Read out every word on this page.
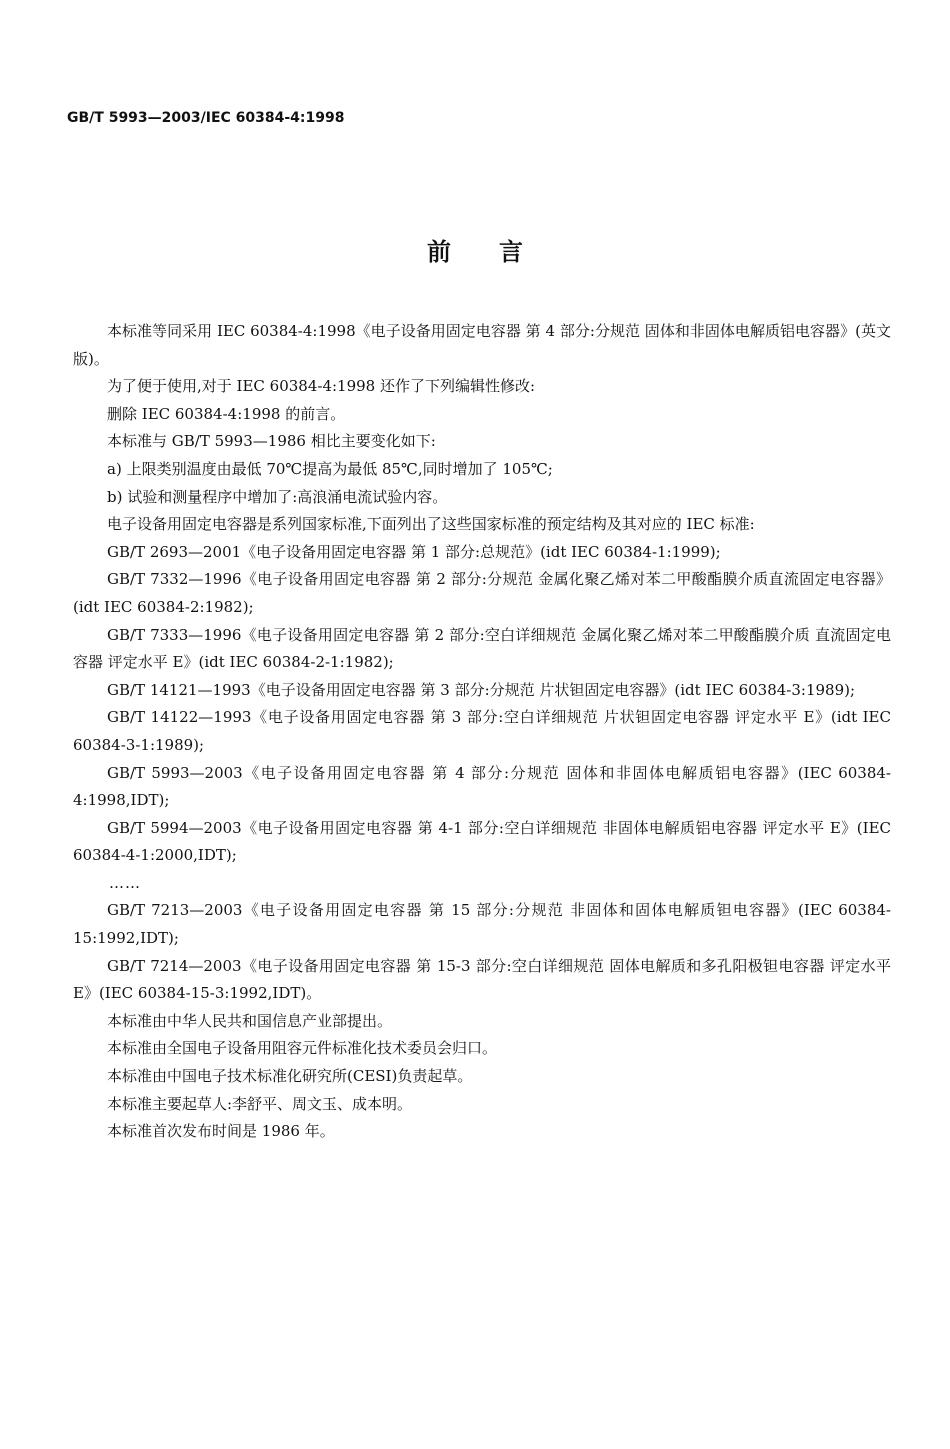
GB/T 5993—2003/IEC 60384-4:1998
前言

本标准等同采用 IEC 60384-4:1998《电子设备用固定电容器 第 4 部分:分规范 固体和非固体电解质铝电容器》(英文版)。

为了便于使用,对于 IEC 60384-4:1998 还作了下列编辑性修改:

删除 IEC 60384-4:1998 的前言。

本标准与 GB/T 5993—1986 相比主要变化如下:

a) 上限类别温度由最低 70℃提高为最低 85℃,同时增加了 105℃;

b) 试验和测量程序中增加了:高浪涌电流试验内容。

电子设备用固定电容器是系列国家标准,下面列出了这些国家标准的预定结构及其对应的 IEC 标准:

GB/T 2693—2001《电子设备用固定电容器 第 1 部分:总规范》(idt IEC 60384-1:1999);

GB/T 7332—1996《电子设备用固定电容器 第 2 部分:分规范 金属化聚乙烯对苯二甲酸酯膜介质直流固定电容器》(idt IEC 60384-2:1982);

GB/T 7333—1996《电子设备用固定电容器 第 2 部分:空白详细规范 金属化聚乙烯对苯二甲酸酯膜介质 直流固定电容器 评定水平 E》(idt IEC 60384-2-1:1982);

GB/T 14121—1993《电子设备用固定电容器 第 3 部分:分规范 片状钽固定电容器》(idt IEC 60384-3:1989);

GB/T 14122—1993《电子设备用固定电容器 第 3 部分:空白详细规范 片状钽固定电容器 评定水平 E》(idt IEC 60384-3-1:1989);

GB/T 5993—2003《电子设备用固定电容器 第 4 部分:分规范 固体和非固体电解质铝电容器》(IEC 60384-4:1998,IDT);

GB/T 5994—2003《电子设备用固定电容器 第 4-1 部分:空白详细规范 非固体电解质铝电容器 评定水平 E》(IEC 60384-4-1:2000,IDT);

……

GB/T 7213—2003《电子设备用固定电容器 第 15 部分:分规范 非固体和固体电解质钽电容器》(IEC 60384-15:1992,IDT);

GB/T 7214—2003《电子设备用固定电容器 第 15-3 部分:空白详细规范 固体电解质和多孔阳极钽电容器 评定水平 E》(IEC 60384-15-3:1992,IDT)。

本标准由中华人民共和国信息产业部提出。

本标准由全国电子设备用阻容元件标准化技术委员会归口。

本标准由中国电子技术标准化研究所(CESI)负责起草。

本标准主要起草人:李舒平、周文玉、成本明。

本标准首次发布时间是 1986 年。
